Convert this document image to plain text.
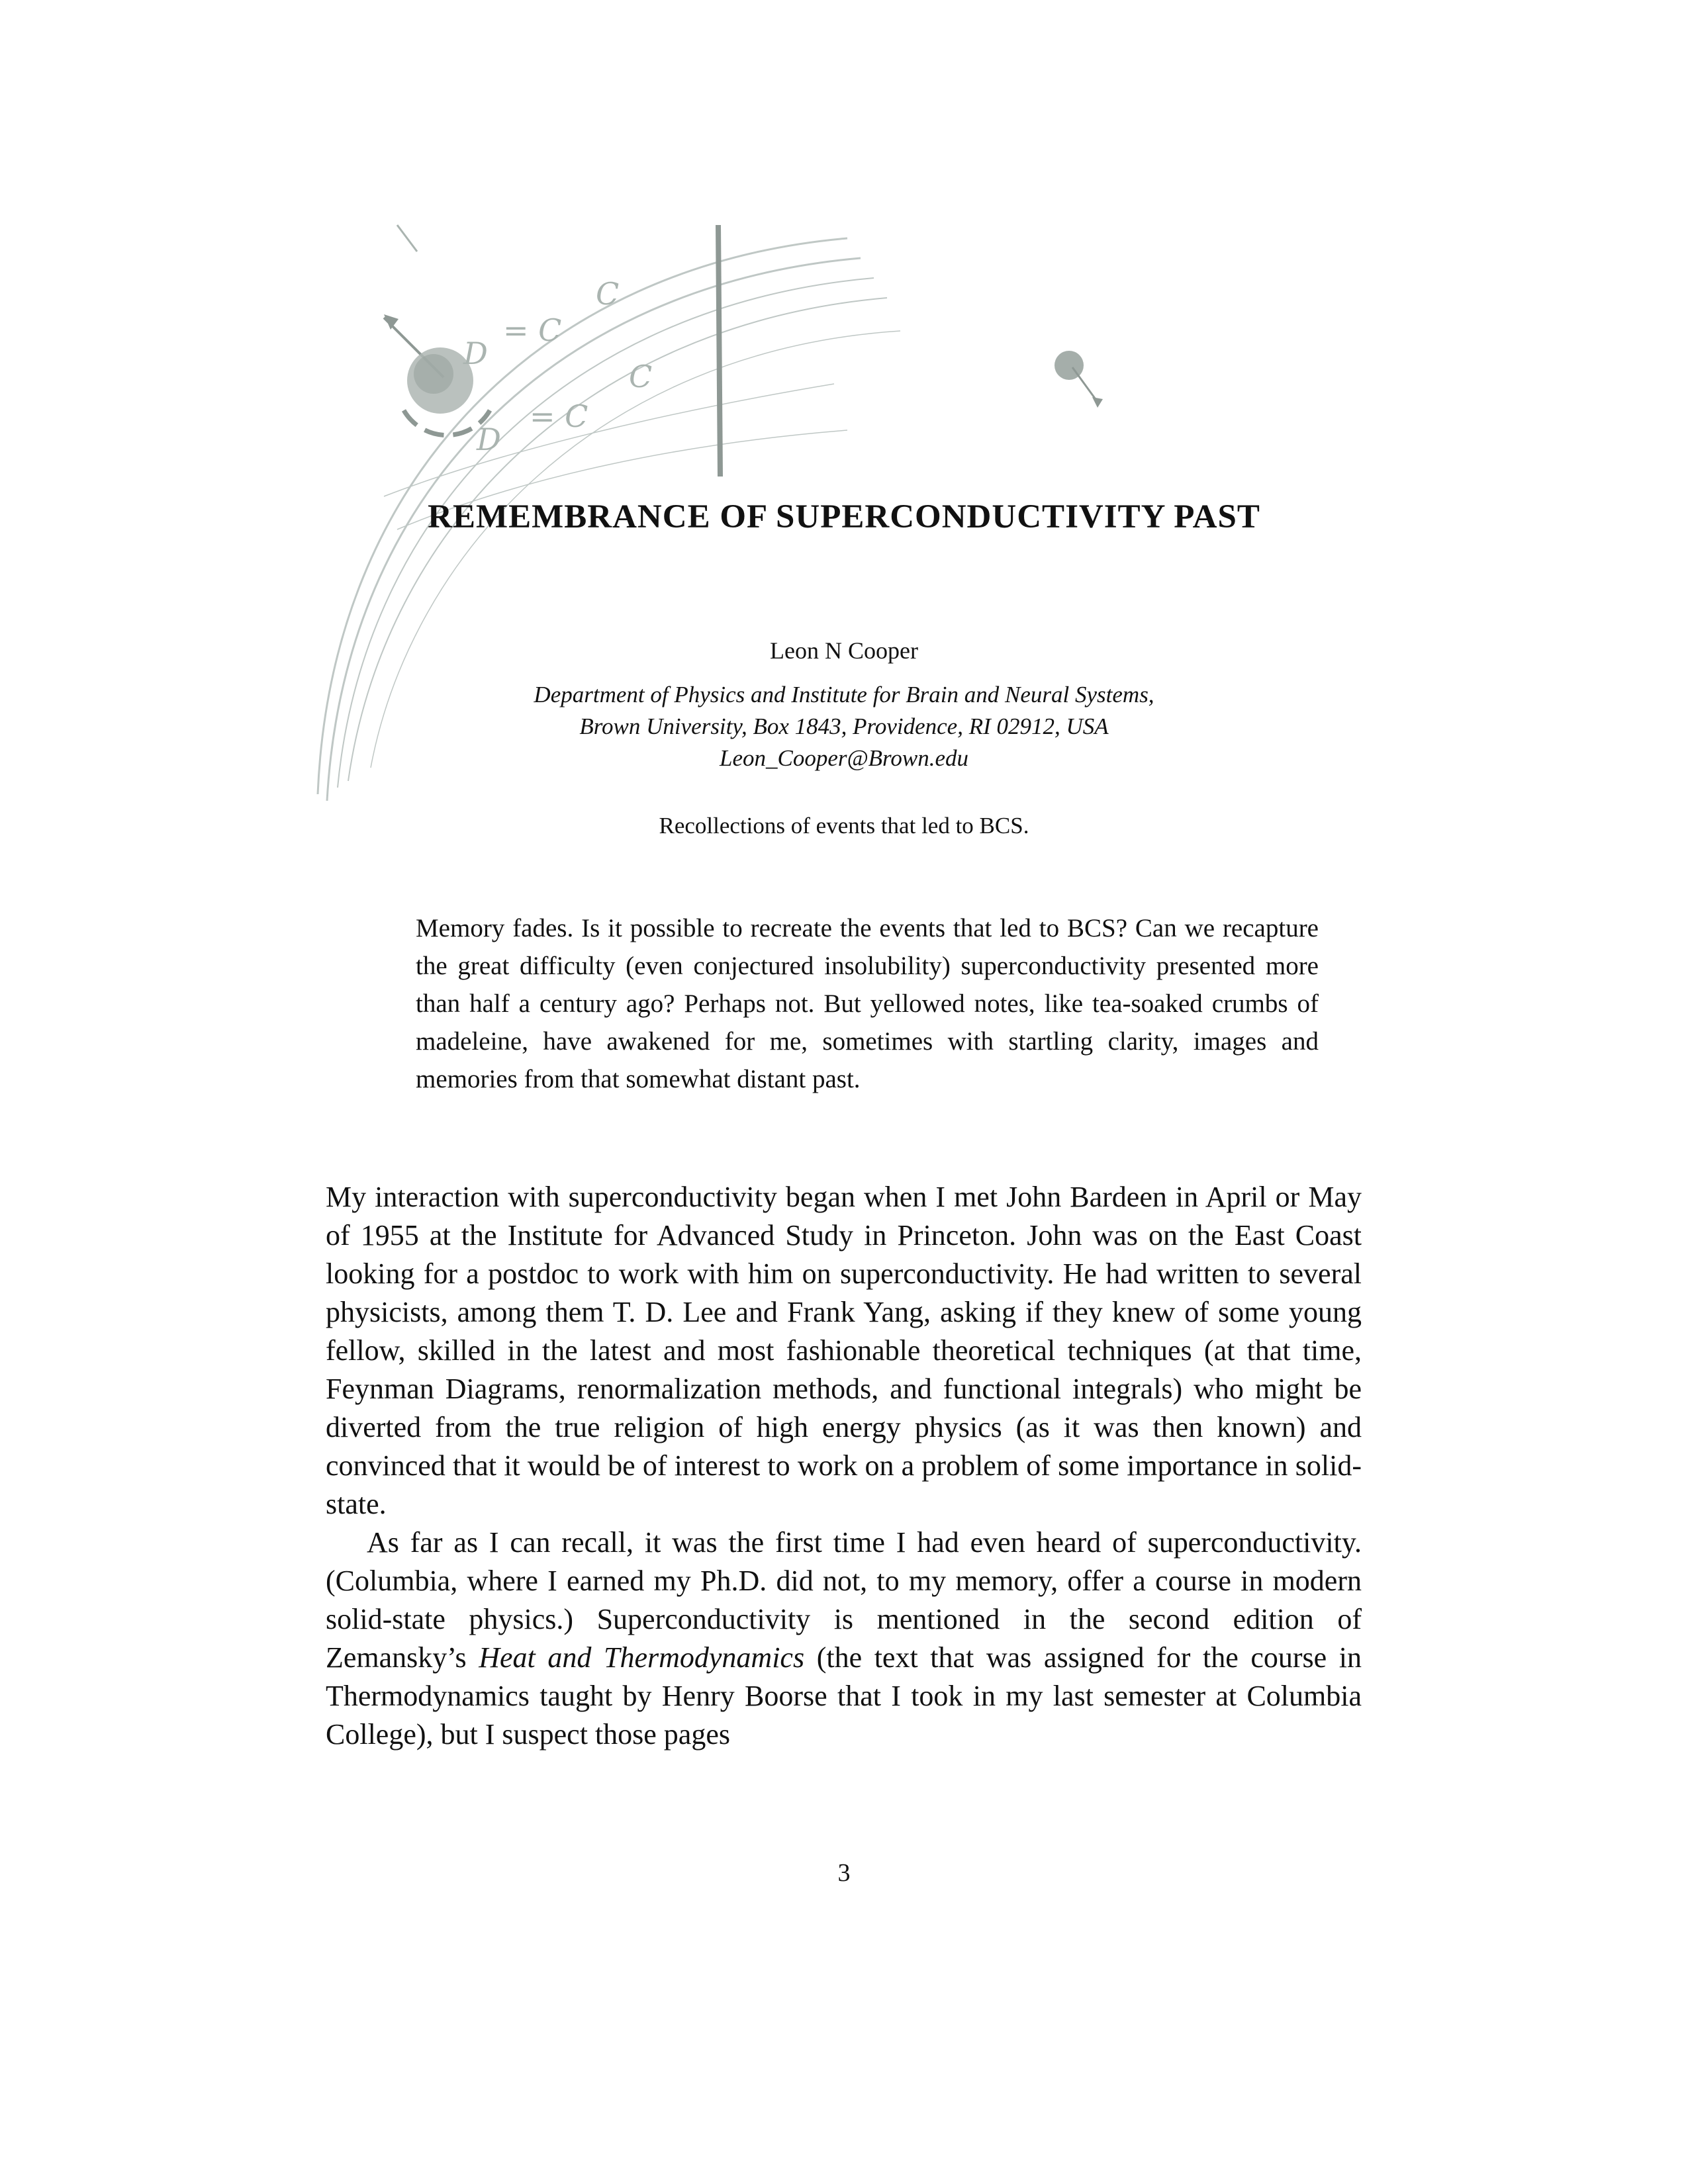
D
= C
C
D
= C
C
REMEMBRANCE OF SUPERCONDUCTIVITY PAST
Leon N Cooper
Department of Physics and Institute for Brain and Neural Systems,
Brown University, Box 1843, Providence, RI 02912, USA
Leon_Cooper@Brown.edu
Recollections of events that led to BCS.
Memory fades. Is it possible to recreate the events that led to BCS? Can we recapture the great difficulty (even conjectured insolubility) superconductivity presented more than half a century ago? Perhaps not. But yellowed notes, like tea-soaked crumbs of madeleine, have awakened for me, sometimes with startling clarity, images and memories from that somewhat distant past.

My interaction with superconductivity began when I met John Bardeen in April or May of 1955 at the Institute for Advanced Study in Princeton. John was on the East Coast looking for a postdoc to work with him on superconductivity. He had written to several physicists, among them T. D. Lee and Frank Yang, asking if they knew of some young fellow, skilled in the latest and most fashionable theoretical techniques (at that time, Feynman Diagrams, renormalization methods, and functional integrals) who might be diverted from the true religion of high energy physics (as it was then known) and convinced that it would be of interest to work on a problem of some importance in solid-state.

As far as I can recall, it was the first time I had even heard of superconductivity. (Columbia, where I earned my Ph.D. did not, to my memory, offer a course in modern solid-state physics.) Superconductivity is mentioned in the second edition of Zemansky’s Heat and Thermodynamics (the text that was assigned for the course in Thermodynamics taught by Henry Boorse that I took in my last semester at Columbia College), but I suspect those pages

3
